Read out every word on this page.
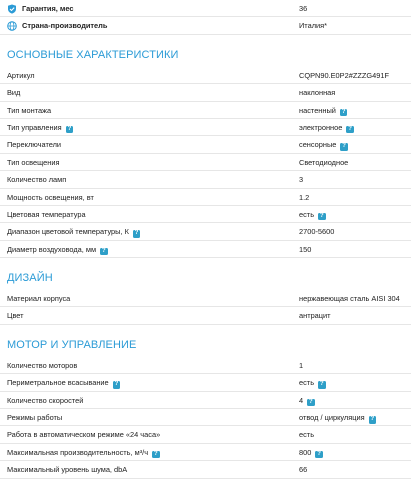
Гарантия, мес	36
Страна-производитель	Италия*
ОСНОВНЫЕ ХАРАКТЕРИСТИКИ
Артикул	CQPN90.E0P2#ZZZG491F
Вид	наклонная
Тип монтажа	настенный ?
Тип управления ?	электронное ?
Переключатели	сенсорные ?
Тип освещения	Светодиодное
Количество ламп	3
Мощность освещения, вт	1.2
Цветовая температура	есть ?
Диапазон цветовой температуры, К ?	2700-5600
Диаметр воздуховода, мм ?	150
ДИЗАЙН
Материал корпуса	нержавеющая сталь AISI 304
Цвет	антрацит
МОТОР И УПРАВЛЕНИЕ
Количество моторов	1
Периметральное всасывание ?	есть ?
Количество скоростей	4 ?
Режимы работы	отвод / циркуляция ?
Работа в автоматическом режиме «24 часа»	есть
Максимальная производительность, м³/ч ?	800 ?
Максимальный уровень шума, dbA	66
